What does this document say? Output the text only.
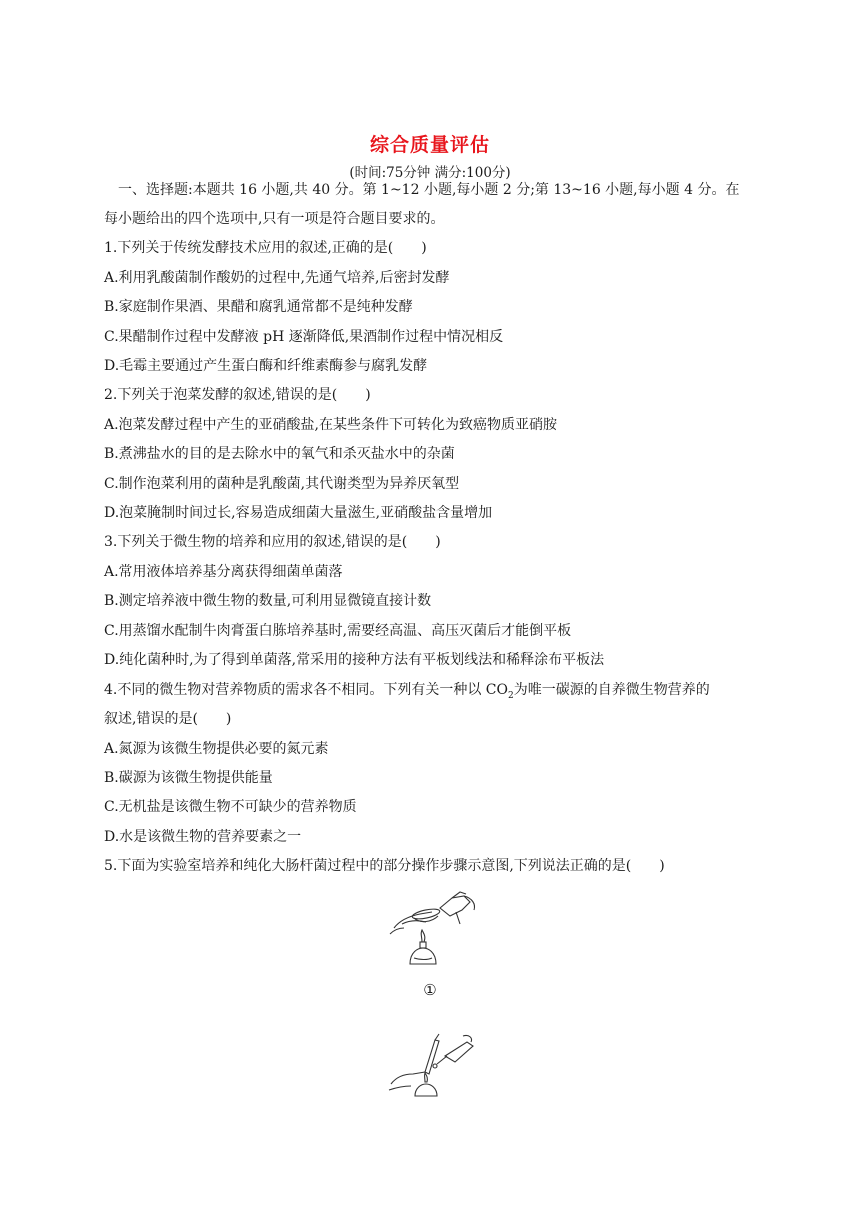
综合质量评估
(时间:75分钟 满分:100分)
一、选择题:本题共 16 小题,共 40 分。第 1~12 小题,每小题 2 分;第 13~16 小题,每小题 4 分。在
每小题给出的四个选项中,只有一项是符合题目要求的。
1.下列关于传统发酵技术应用的叙述,正确的是(　　)
A.利用乳酸菌制作酸奶的过程中,先通气培养,后密封发酵
B.家庭制作果酒、果醋和腐乳通常都不是纯种发酵
C.果醋制作过程中发酵液 pH 逐渐降低,果酒制作过程中情况相反
D.毛霉主要通过产生蛋白酶和纤维素酶参与腐乳发酵
2.下列关于泡菜发酵的叙述,错误的是(　　)
A.泡菜发酵过程中产生的亚硝酸盐,在某些条件下可转化为致癌物质亚硝胺
B.煮沸盐水的目的是去除水中的氧气和杀灭盐水中的杂菌
C.制作泡菜利用的菌种是乳酸菌,其代谢类型为异养厌氧型
D.泡菜腌制时间过长,容易造成细菌大量滋生,亚硝酸盐含量增加
3.下列关于微生物的培养和应用的叙述,错误的是(　　)
A.常用液体培养基分离获得细菌单菌落
B.测定培养液中微生物的数量,可利用显微镜直接计数
C.用蒸馏水配制牛肉膏蛋白胨培养基时,需要经高温、高压灭菌后才能倒平板
D.纯化菌种时,为了得到单菌落,常采用的接种方法有平板划线法和稀释涂布平板法
4.不同的微生物对营养物质的需求各不相同。下列有关一种以 $CO_2$为唯一碳源的自养微生物营养的
叙述,错误的是(　　)
A.氮源为该微生物提供必要的氮元素
B.碳源为该微生物提供能量
C.无机盐是该微生物不可缺少的营养物质
D.水是该微生物的营养要素之一
5.下面为实验室培养和纯化大肠杆菌过程中的部分操作步骤示意图,下列说法正确的是(　　)
①
